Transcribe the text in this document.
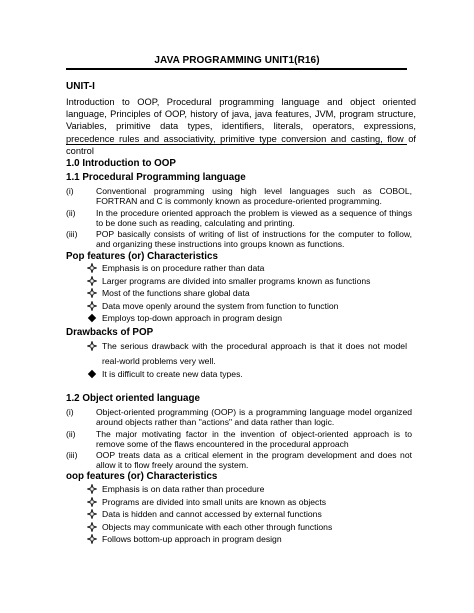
JAVA PROGRAMMING UNIT1(R16)
UNIT-I
Introduction to OOP, Procedural programming language and object oriented language, Principles of OOP, history of java, java features, JVM, program structure, Variables, primitive data types, identifiers, literals, operators, expressions, precedence rules and associativity, primitive type conversion and casting, flow of control
1.0 Introduction to OOP
1.1 Procedural Programming language
(i)	Conventional programming using high level languages such as COBOL, FORTRAN and C is commonly known as procedure-oriented programming.
(ii) In the procedure oriented approach the problem is viewed as a sequence of things to be done such as reading, calculating and printing.
(iii) POP basically consists of writing of list of instructions for the computer to follow, and organizing these instructions into groups known as functions.
Pop features (or) Characteristics
Emphasis is on procedure rather than data
Larger programs are divided into smaller programs known as functions
Most of the functions share global data
Data move openly around the system from function to function
Employs top-down approach in program design
Drawbacks of POP
The serious drawback with the procedural approach is that it does not model real-world problems very well.
It is difficult to create new data types.
1.2 Object oriented language
(i)	Object-oriented programming (OOP) is a programming language model organized around objects rather than "actions" and data rather than logic.
(ii) The major motivating factor in the invention of object-oriented approach is to remove some of the flaws encountered in the procedural approach
(iii) OOP treats data as a critical element in the program development and does not allow it to flow freely around the system.
oop features (or) Characteristics
Emphasis is on data rather than procedure
Programs are divided into small units are known as objects
Data is hidden and cannot accessed by external functions
Objects may communicate with each other through functions
Follows bottom-up approach in program design
